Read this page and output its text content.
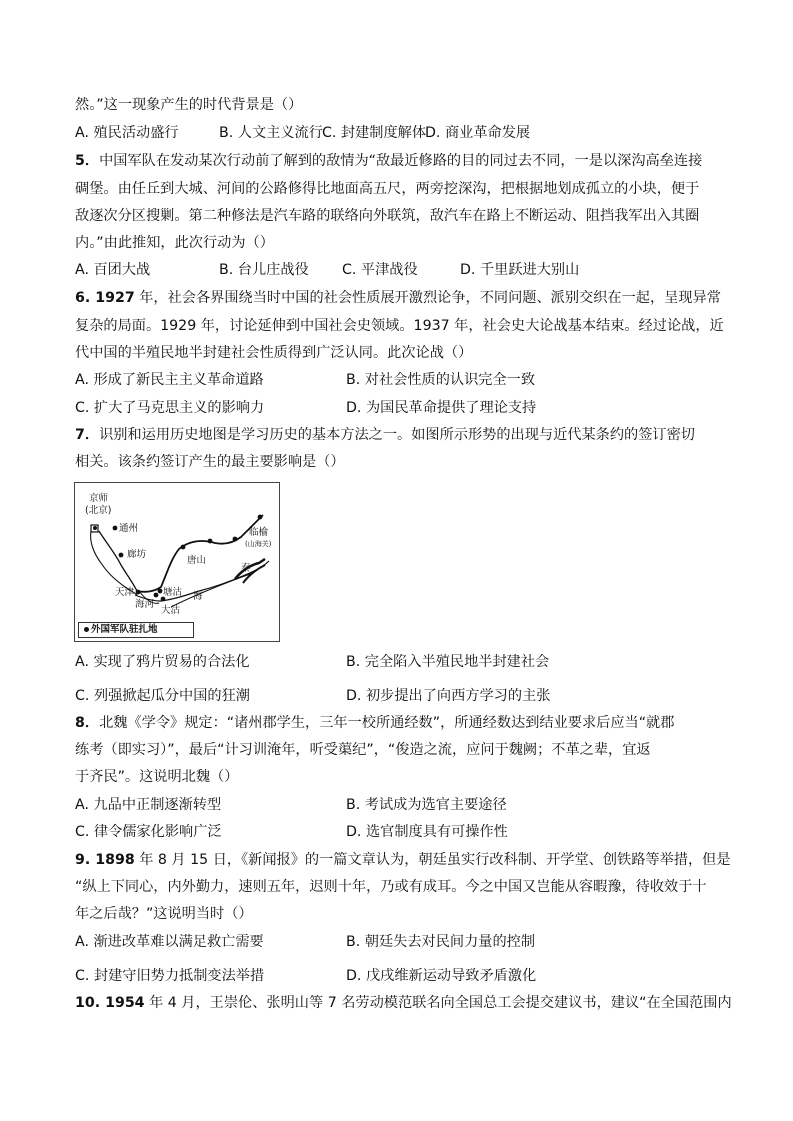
然。”这一现象产生的时代背景是（）
A. 殖民活动盛行	B. 人文主义流行 C. 封建制度解体
D. 商业革命发展
5．中国军队在发动某次行动前了解到的敌情为“敌最近修路的目的同过去不同，一是以深沟高垒连接
碉堡。由任丘到大城、河间的公路修得比地面高五尺，两旁挖深沟，把根据地划成孤立的小块，便于
敌逐次分区搜剿。第二种修法是汽车路的联络向外联筑，敌汽车在路上不断运动、阻挡我军出入其圈
内。”由此推知，此次行动为（）
A. 百团大战	B. 台儿庄战役 C. 平津战役	D. 千里跃进大别山
6. 1927 年，社会各界围绕当时中国的社会性质展开激烈论争，不同问题、派别交织在一起，呈现异常
复杂的局面。1929 年，讨论延伸到中国社会史领域。1937 年，社会史大论战基本结束。经过论战，近
代中国的半殖民地半封建社会性质得到广泛认同。此次论战（）
A. 形成了新民主主义革命道路	B. 对社会性质的认识完全一致
C. 扩大了马克思主义的影响力	D. 为国民革命提供了理论支持
7．识别和运用历史地图是学习历史的基本方法之一。如图所示形势的出现与近代某条约的签订密切
相关。该条约签订产生的最主要影响是（）
京师
(北京)
通州
廊坊
唐山
临榆
(山海关)
天津
海河
塘沽
大沽
海
秦
外国军队驻扎地
A. 实现了鸦片贸易的合法化	B. 完全陷入半殖民地半封建社会
C. 列强掀起瓜分中国的狂潮	D. 初步提出了向西方学习的主张
8．北魏《学令》规定：“诸州郡学生，三年一校所通经数”，所通经数达到结业要求后应当“就郡
练考（即实习）”，最后“计习训淹年，听受蕖纪”，“俊造之流，应问于魏阙；不革之辈，宜返
于齐民”。这说明北魏（）
A. 九品中正制逐渐转型	B. 考试成为选官主要途径
C. 律令儒家化影响广泛	D. 选官制度具有可操作性
9. 1898 年 8 月 15 日，《新闻报》的一篇文章认为，朝廷虽实行改科制、开学堂、创铁路等举措，但是
“纵上下同心，内外勤力，速则五年，迟则十年，乃或有成耳。今之中国又岂能从容暇豫，待收效于十
年之后哉？”这说明当时（）
A. 渐进改革难以满足救亡需要	B. 朝廷失去对民间力量的控制
C. 封建守旧势力抵制变法举措	D. 戊戌维新运动导致矛盾激化
10. 1954 年 4 月，王崇伦、张明山等 7 名劳动模范联名向全国总工会提交建议书，建议“在全国范围内
